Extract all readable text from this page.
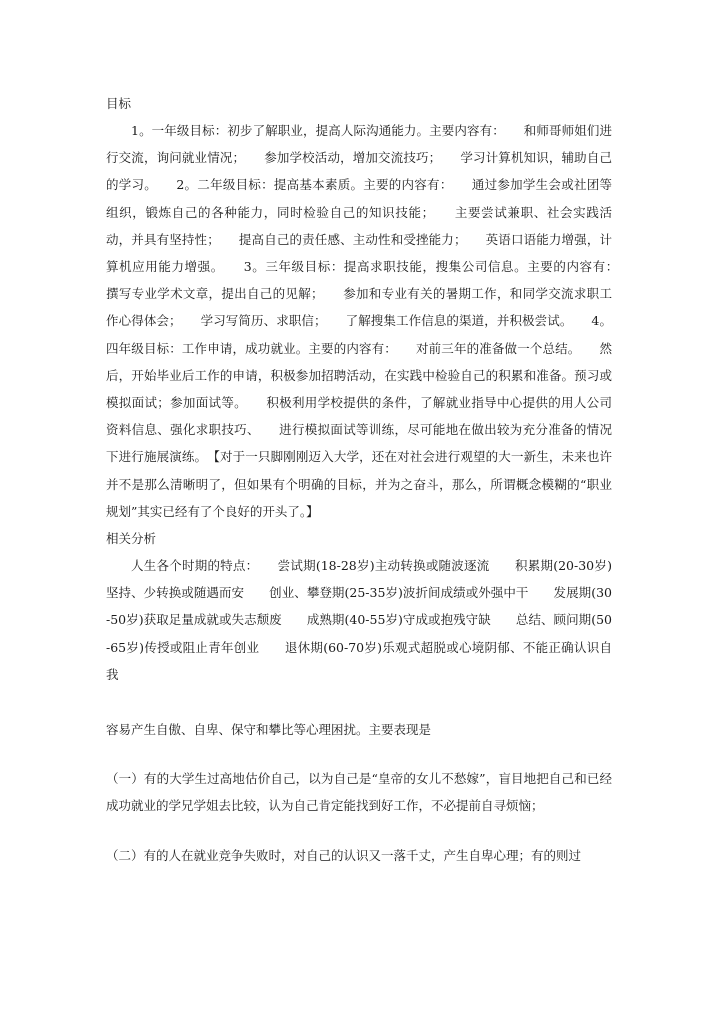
目标

1。一年级目标：初步了解职业，提高人际沟通能力。主要内容有：　　和师哥师姐们进行交流，询问就业情况；　　参加学校活动，增加交流技巧；　　学习计算机知识，辅助自己的学习。　　2。二年级目标：提高基本素质。主要的内容有：　　通过参加学生会或社团等组织，锻炼自己的各种能力，同时检验自己的知识技能；　　主要尝试兼职、社会实践活动，并具有坚持性；　　提高自己的责任感、主动性和受挫能力；　　英语口语能力增强，计算机应用能力增强。　　3。三年级目标：提高求职技能，搜集公司信息。主要的内容有：　　撰写专业学术文章，提出自己的见解；　　参加和专业有关的暑期工作，和同学交流求职工作心得体会；　　学习写简历、求职信；　　了解搜集工作信息的渠道，并积极尝试。　　4。四年级目标：工作申请，成功就业。主要的内容有：　　对前三年的准备做一个总结。　　然后，开始毕业后工作的申请，积极参加招聘活动，在实践中检验自己的积累和准备。预习或模拟面试；参加面试等。　　积极利用学校提供的条件，了解就业指导中心提供的用人公司资料信息、强化求职技巧、　　进行模拟面试等训练，尽可能地在做出较为充分准备的情况下进行施展演练。　【对于一只脚刚刚迈入大学，还在对社会进行观望的大一新生，未来也许并不是那么清晰明了，但如果有个明确的目标，并为之奋斗，那么，所谓概念模糊的“职业规划”其实已经有了个良好的开头了。】

相关分析

人生各个时期的特点：　　尝试期(18-28岁)主动转换或随波逐流　　积累期(20-30岁)坚持、少转换或随遇而安　　创业、攀登期(25-35岁)波折间成绩或外强中干　　发展期(30-50岁)获取足量成就或失志颓废　　成熟期(40-55岁)守成或抱残守缺　　总结、顾问期(50-65岁)传授或阻止青年创业　　退休期(60-70岁)乐观式超脱或心境阴郁、不能正确认识自我

容易产生自傲、自卑、保守和攀比等心理困扰。主要表现是

（一）有的大学生过高地估价自己，以为自己是“皇帝的女儿不愁嫁”，盲目地把自己和已经成功就业的学兄学姐去比较，认为自己肯定能找到好工作，不必提前自寻烦恼；

（二）有的人在就业竞争失败时，对自己的认识又一落千丈，产生自卑心理；有的则过
